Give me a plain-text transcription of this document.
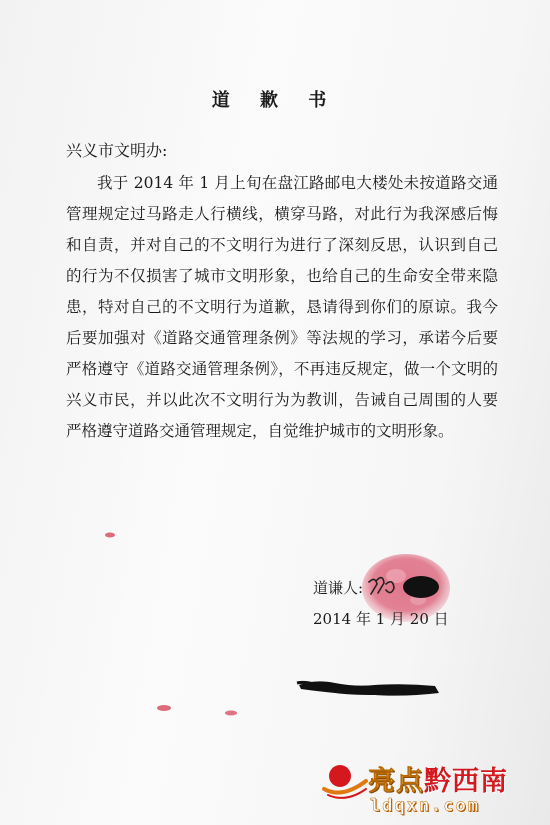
道 歉 书
兴义市文明办:
我于 2014 年 1 月上旬在盘江路邮电大楼处未按道路交通管理规定过马路走人行横线，横穿马路，对此行为我深感后悔和自责，并对自己的不文明行为进行了深刻反思，认识到自己的行为不仅损害了城市文明形象，也给自己的生命安全带来隐患，特对自己的不文明行为道歉，恳请得到你们的原谅。我今后要加强对《道路交通管理条例》等法规的学习，承诺今后要严格遵守《道路交通管理条例》，不再违反规定，做一个文明的兴义市民，并以此次不文明行为为教训，告诫自己周围的人要严格遵守道路交通管理规定，自觉维护城市的文明形象。
道谦人:
2014 年 1 月 20 日
亮点黔西南
ldqxn.com
